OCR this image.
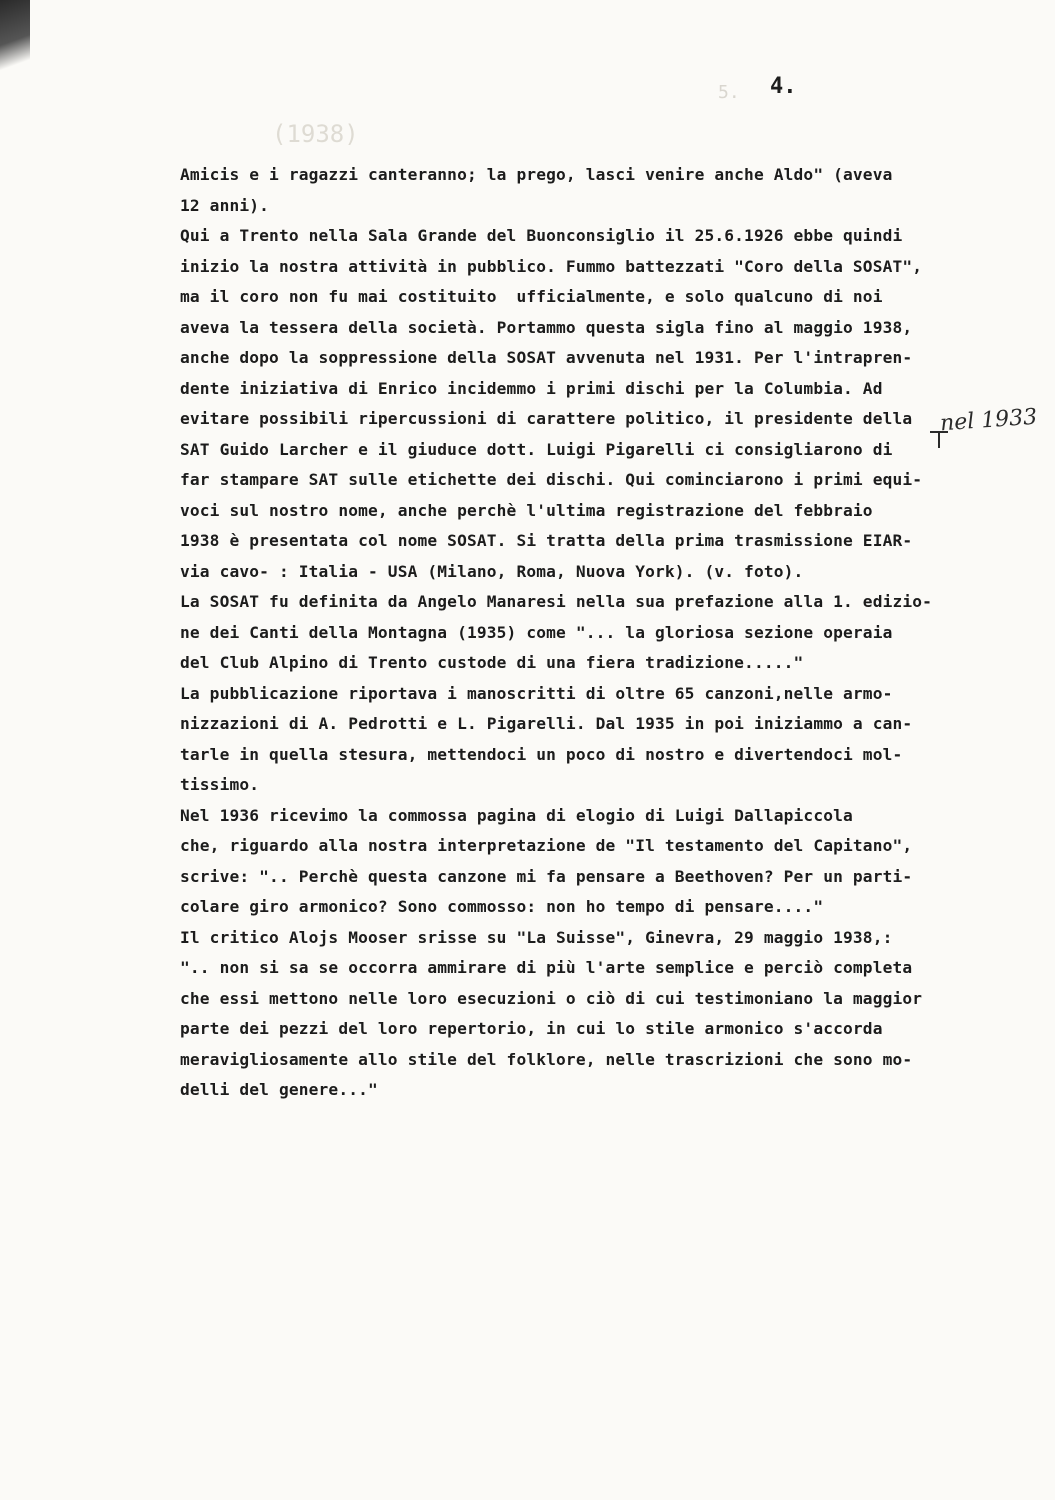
5.
(1938)
4.
Amicis e i ragazzi canteranno; la prego, lasci venire anche Aldo" (aveva
12 anni).
Qui a Trento nella Sala Grande del Buonconsiglio il 25.6.1926 ebbe quindi
inizio la nostra attività in pubblico. Fummo battezzati "Coro della SOSAT",
ma il coro non fu mai costituito  ufficialmente, e solo qualcuno di noi
aveva la tessera della società. Portammo questa sigla fino al maggio 1938,
anche dopo la soppressione della SOSAT avvenuta nel 1931. Per l'intrapren-
dente iniziativa di Enrico incidemmo i primi dischi per la Columbia. Ad
evitare possibili ripercussioni di carattere politico, il presidente della
SAT Guido Larcher e il giuduce dott. Luigi Pigarelli ci consigliarono di
far stampare SAT sulle etichette dei dischi. Qui cominciarono i primi equi-
voci sul nostro nome, anche perchè l'ultima registrazione del febbraio
1938 è presentata col nome SOSAT. Si tratta della prima trasmissione EIAR-
via cavo- : Italia - USA (Milano, Roma, Nuova York). (v. foto).
La SOSAT fu definita da Angelo Manaresi nella sua prefazione alla 1. edizio-
ne dei Canti della Montagna (1935) come "... la gloriosa sezione operaia
del Club Alpino di Trento custode di una fiera tradizione....."
La pubblicazione riportava i manoscritti di oltre 65 canzoni,nelle armo-
nizzazioni di A. Pedrotti e L. Pigarelli. Dal 1935 in poi iniziammo a can-
tarle in quella stesura, mettendoci un poco di nostro e divertendoci mol-
tissimo.
Nel 1936 ricevimo la commossa pagina di elogio di Luigi Dallapiccola
che, riguardo alla nostra interpretazione de "Il testamento del Capitano",
scrive: ".. Perchè questa canzone mi fa pensare a Beethoven? Per un parti-
colare giro armonico? Sono commosso: non ho tempo di pensare...."
Il critico Alojs Mooser srisse su "La Suisse", Ginevra, 29 maggio 1938,:
".. non si sa se occorra ammirare di più l'arte semplice e perciò completa
che essi mettono nelle loro esecuzioni o ciò di cui testimoniano la maggior
parte dei pezzi del loro repertorio, in cui lo stile armonico s'accorda
meravigliosamente allo stile del folklore, nelle trascrizioni che sono mo-
delli del genere..."
nel 1933
